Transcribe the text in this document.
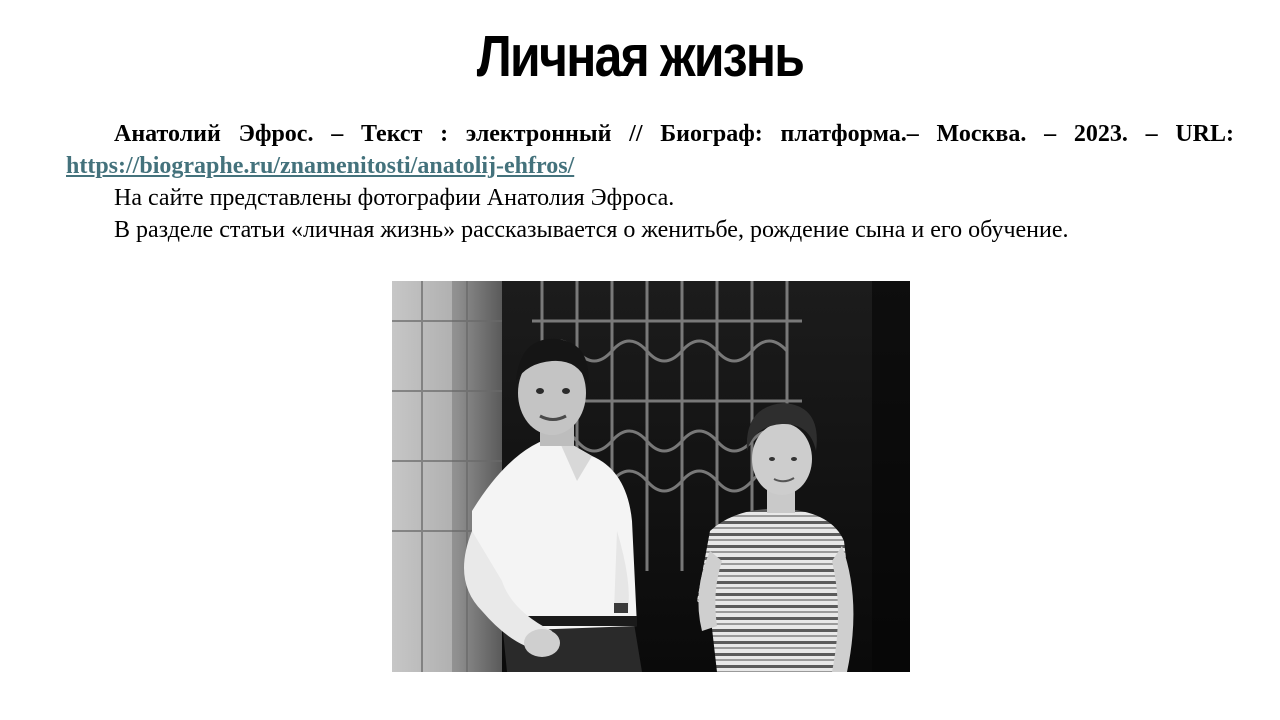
Личная жизнь

Анатолий Эфрос. – Текст : электронный // Биограф: платформа.– Москва. – 2023. – URL: https://biographe.ru/znamenitosti/anatolij-ehfros/

На сайте представлены фотографии Анатолия Эфроса.

В разделе статьи «личная жизнь» рассказывается о женитьбе, рождение сына и его обучение.
